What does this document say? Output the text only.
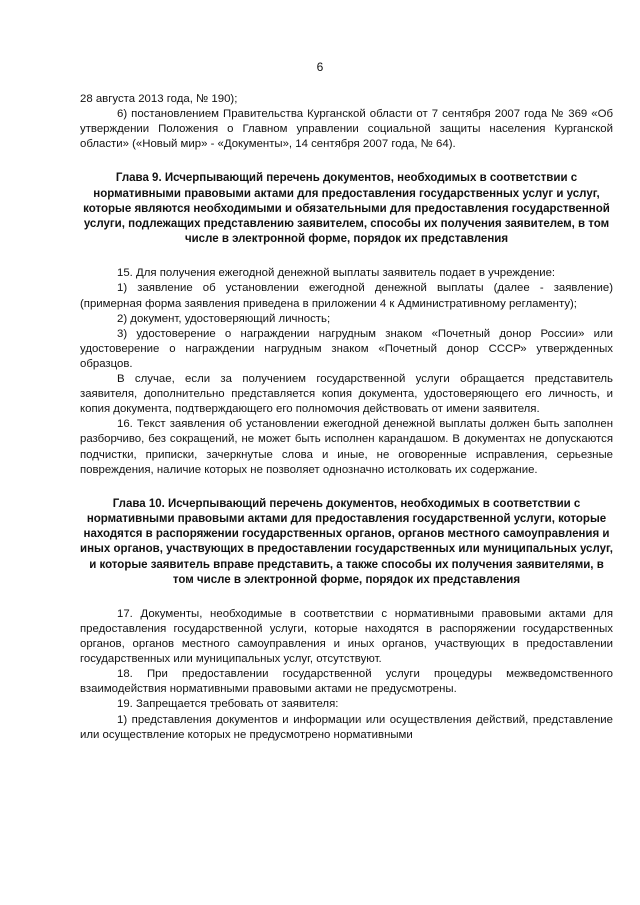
6

28 августа 2013 года, № 190);

6) постановлением Правительства Курганской области от 7 сентября 2007 года № 369 «Об утверждении Положения о Главном управлении социальной защиты населения Курганской области» («Новый мир» - «Документы», 14 сентября 2007 года, № 64).

Глава 9. Исчерпывающий перечень документов, необходимых в соответствии с нормативными правовыми актами для предоставления государственных услуг и услуг, которые являются необходимыми и обязательными для предоставления государственной услуги, подлежащих представлению заявителем, способы их получения заявителем, в том числе в электронной форме, порядок их представления

15. Для получения ежегодной денежной выплаты заявитель подает в учреждение:

1) заявление об установлении ежегодной денежной выплаты (далее - заявление) (примерная форма заявления приведена в приложении 4 к Административному регламенту);

2) документ, удостоверяющий личность;

3) удостоверение о награждении нагрудным знаком «Почетный донор России» или удостоверение о награждении нагрудным знаком «Почетный донор СССР» утвержденных образцов.

В случае, если за получением государственной услуги обращается представитель заявителя, дополнительно представляется копия документа, удостоверяющего его личность, и копия документа, подтверждающего его полномочия действовать от имени заявителя.

16. Текст заявления об установлении ежегодной денежной выплаты должен быть заполнен разборчиво, без сокращений, не может быть исполнен карандашом. В документах не допускаются подчистки, приписки, зачеркнутые слова и иные, не оговоренные исправления, серьезные повреждения, наличие которых не позволяет однозначно истолковать их содержание.

Глава 10. Исчерпывающий перечень документов, необходимых в соответствии с нормативными правовыми актами для предоставления государственной услуги, которые находятся в распоряжении государственных органов, органов местного самоуправления и иных органов, участвующих в предоставлении государственных или муниципальных услуг, и которые заявитель вправе представить, а также способы их получения заявителями, в том числе в электронной форме, порядок их представления

17. Документы, необходимые в соответствии с нормативными правовыми актами для предоставления государственной услуги, которые находятся в распоряжении государственных органов, органов местного самоуправления и иных органов, участвующих в предоставлении государственных или муниципальных услуг, отсутствуют.

18. При предоставлении государственной услуги процедуры межведомственного взаимодействия нормативными правовыми актами не предусмотрены.

19. Запрещается требовать от заявителя:

1) представления документов и информации или осуществления действий, представление или осуществление которых не предусмотрено нормативными
